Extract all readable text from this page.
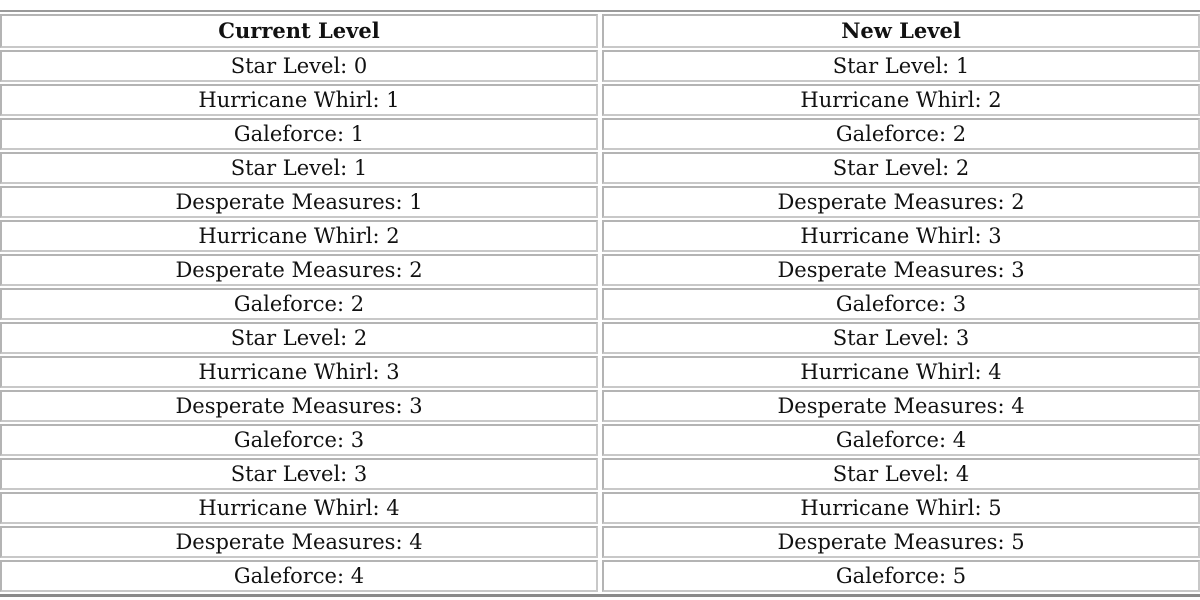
Current Level	New Level
Star Level: 0	Star Level: 1
Hurricane Whirl: 1	Hurricane Whirl: 2
Galeforce: 1	Galeforce: 2
Star Level: 1	Star Level: 2
Desperate Measures: 1	Desperate Measures: 2
Hurricane Whirl: 2	Hurricane Whirl: 3
Desperate Measures: 2	Desperate Measures: 3
Galeforce: 2	Galeforce: 3
Star Level: 2	Star Level: 3
Hurricane Whirl: 3	Hurricane Whirl: 4
Desperate Measures: 3	Desperate Measures: 4
Galeforce: 3	Galeforce: 4
Star Level: 3	Star Level: 4
Hurricane Whirl: 4	Hurricane Whirl: 5
Desperate Measures: 4	Desperate Measures: 5
Galeforce: 4	Galeforce: 5
